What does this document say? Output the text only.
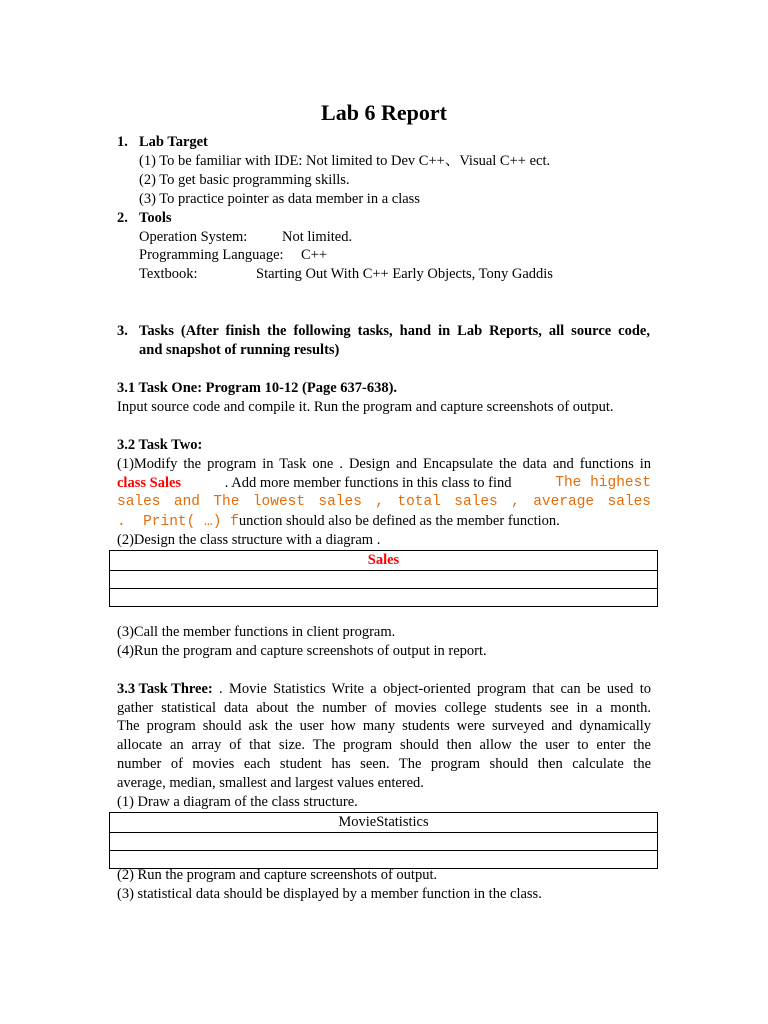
Lab 6 Report
1. Lab Target
(1) To be familiar with IDE: Not limited to Dev C++、Visual C++ ect.
(2) To get basic programming skills.
(3) To practice pointer as data member in a class
2. Tools
Operation System: Not limited.
Programming Language: C++
Textbook:	Starting Out With C++ Early Objects, Tony Gaddis
3. Tasks (After finish the following tasks, hand in Lab Reports, all source code,
and snapshot of running results)
3.1 Task One: Program 10-12 (Page 637-638).
Input source code and compile it. Run the program and capture screenshots of output.
3.2 Task Two:
(1)Modify the program in Task one . Design and Encapsulate the data and functions in
class Sales	. Add more member functions in this class to find	The highest
sales and The lowest sales , total sales , average sales
.  Print( …) function should also be defined as the member function.
(2)Design the class structure with a diagram .
Sales
(3)Call the member functions in client program.
(4)Run the program and capture screenshots of output in report.
3.3 Task Three: . Movie Statistics Write a object-oriented program that can be used to
gather statistical data about the number of movies college students see in a month.
The program should ask the user how many students were surveyed and dynamically
allocate an array of that size. The program should then allow the user to enter the
number of movies each student has seen. The program should then calculate the
average, median, smallest and largest values entered.
(1) Draw a diagram of the class structure.
MovieStatistics
(2) Run the program and capture screenshots of output.
(3) statistical data should be displayed by a member function in the class.
